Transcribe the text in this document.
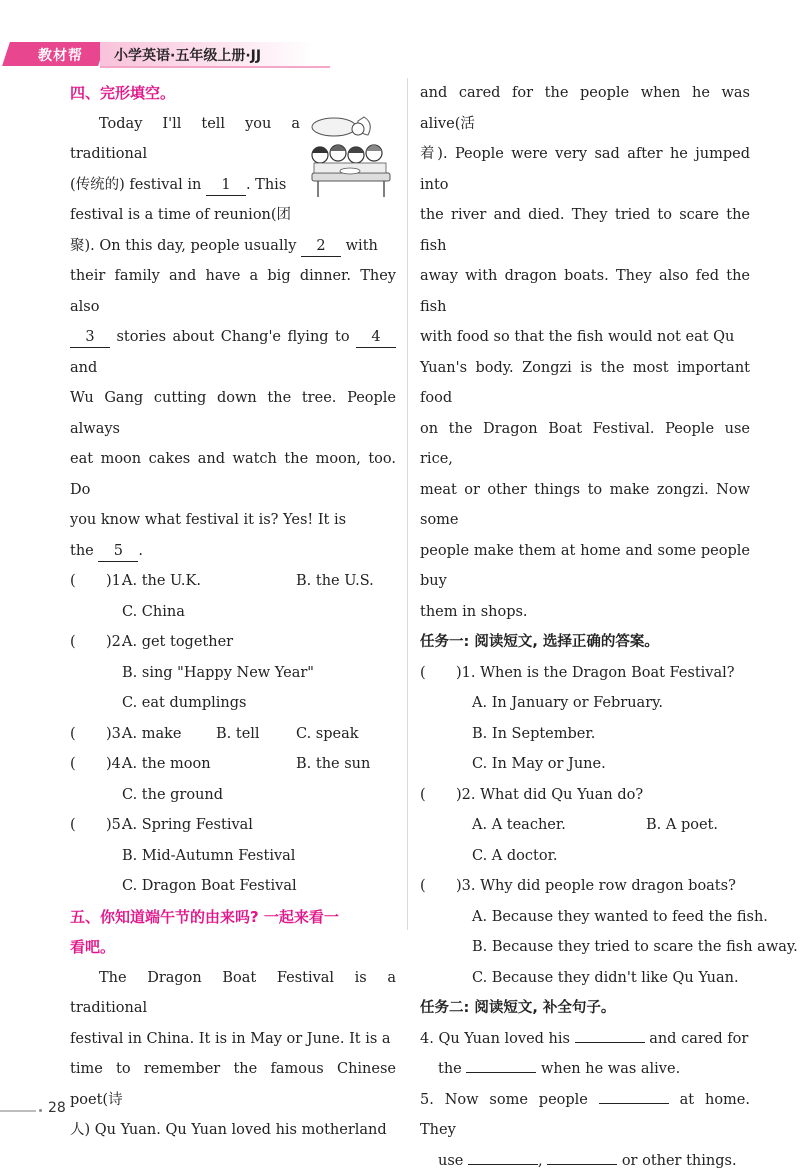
教材帮 小学英语·五年级上册·JJ
四、完形填空。

Today I'll tell you a traditional

(传统的) festival in 1 . This

festival is a time of reunion(团

聚). On this day, people usually 2 with

their family and have a big dinner. They also

3 stories about Chang'e flying to 4 and

Wu Gang cutting down the tree. People always

eat moon cakes and watch the moon, too. Do

you know what festival it is? Yes! It is

the 5 .

( )1.
A. the U.K.	B. the U.S.
C. China
( )2.
A. get together
B. sing "Happy New Year"
C. eat dumplings
( )3.
A. make B. tell	C. speak
( )4.
A. the moon	B. the sun
C. the ground
( )5.
A. Spring Festival
B. Mid-Autumn Festival
C. Dragon Boat Festival
五、你知道端午节的由来吗? 一起来看一
看吧。

The Dragon Boat Festival is a traditional

festival in China. It is in May or June. It is a

time to remember the famous Chinese poet(诗

人) Qu Yuan. Qu Yuan loved his motherland

and cared for the people when he was alive(活

着). People were very sad after he jumped into

the river and died. They tried to scare the fish

away with dragon boats. They also fed the fish

with food so that the fish would not eat Qu

Yuan's body. Zongzi is the most important food

on the Dragon Boat Festival. People use rice,

meat or other things to make zongzi. Now some

people make them at home and some people buy

them in shops.

任务一: 阅读短文, 选择正确的答案。
( )1. When is the Dragon Boat Festival?
A. In January or February.
B. In September.
C. In May or June.
( )2. What did Qu Yuan do?
A. A teacher.	B. A poet.
C. A doctor.
( )3. Why did people row dragon boats?
A. Because they wanted to feed the fish.
B. Because they tried to scare the fish away.
C. Because they didn't like Qu Yuan.
任务二: 阅读短文, 补全句子。

4. Qu Yuan loved his	and cared for

the	when he was alive.

5. Now some people	at home. They

use	,	or other things.

28
